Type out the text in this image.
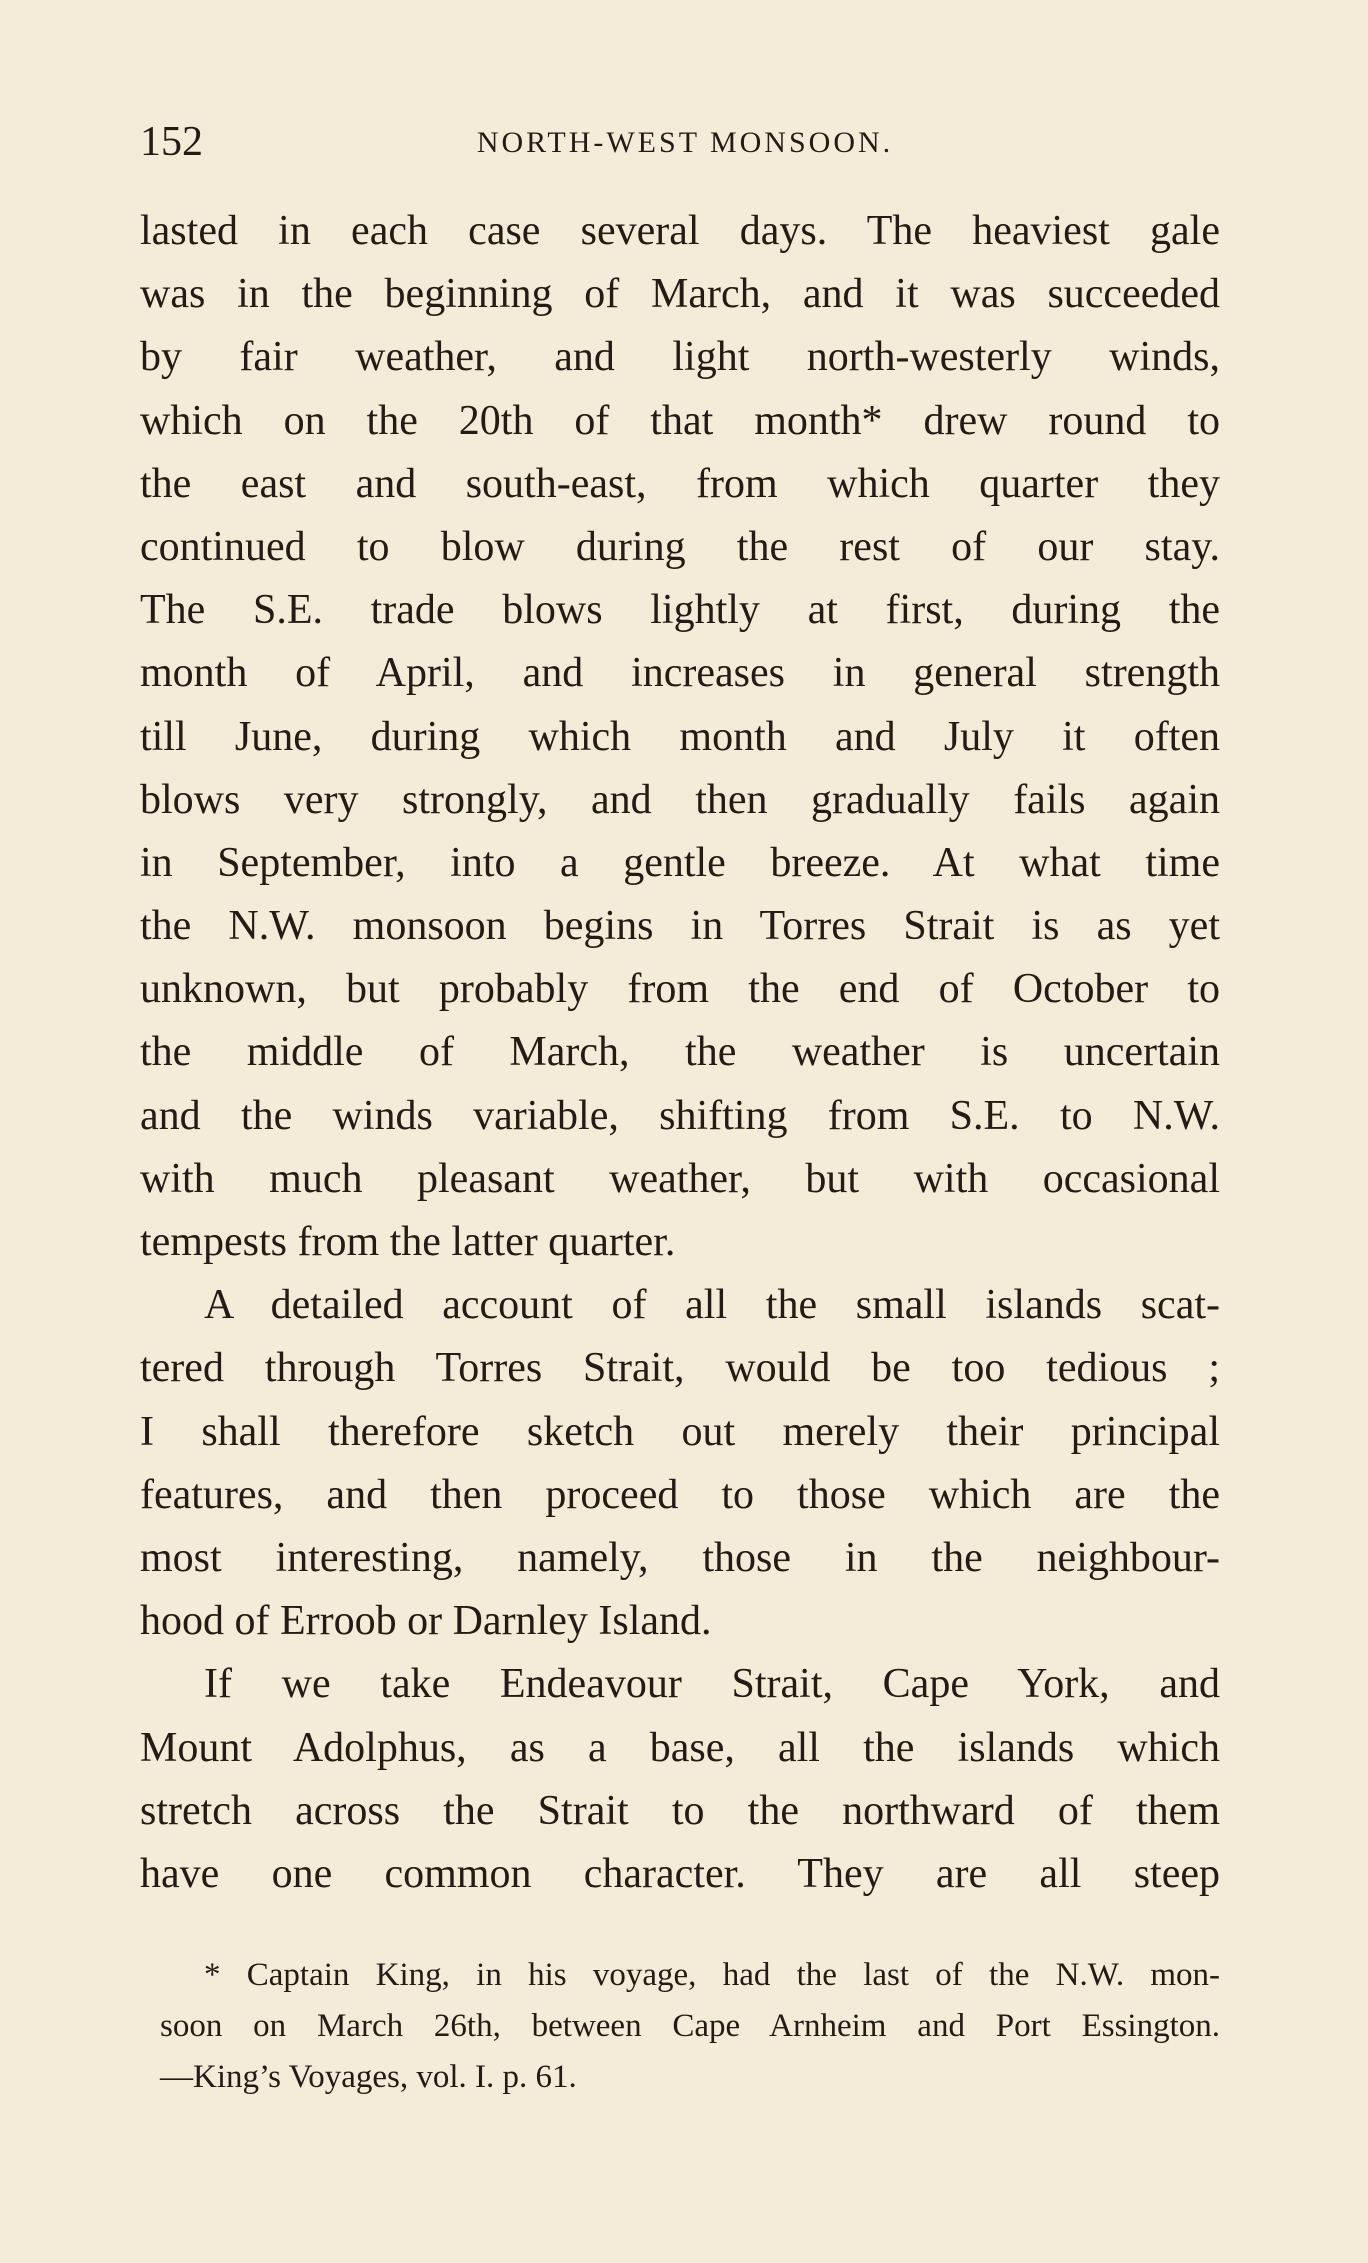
152	NORTH-WEST MONSOON.
lasted in each case several days. The heaviest gale
was in the beginning of March, and it was succeeded
by fair weather, and light north-westerly winds,
which on the 20th of that month* drew round to
the east and south-east, from which quarter they
continued to blow during the rest of our stay.
The S.E. trade blows lightly at first, during the
month of April, and increases in general strength
till June, during which month and July it often
blows very strongly, and then gradually fails again
in September, into a gentle breeze. At what time
the N.W. monsoon begins in Torres Strait is as yet
unknown, but probably from the end of October to
the middle of March, the weather is uncertain
and the winds variable, shifting from S.E. to N.W.
with much pleasant weather, but with occasional
tempests from the latter quarter.
A detailed account of all the small islands scat-
tered through Torres Strait, would be too tedious ;
I shall therefore sketch out merely their principal
features, and then proceed to those which are the
most interesting, namely, those in the neighbour-
hood of Erroob or Darnley Island.
If we take Endeavour Strait, Cape York, and
Mount Adolphus, as a base, all the islands which
stretch across the Strait to the northward of them
have one common character. They are all steep
* Captain King, in his voyage, had the last of the N.W. mon-
soon on March 26th, between Cape Arnheim and Port Essington.
—King’s Voyages, vol. I. p. 61.
